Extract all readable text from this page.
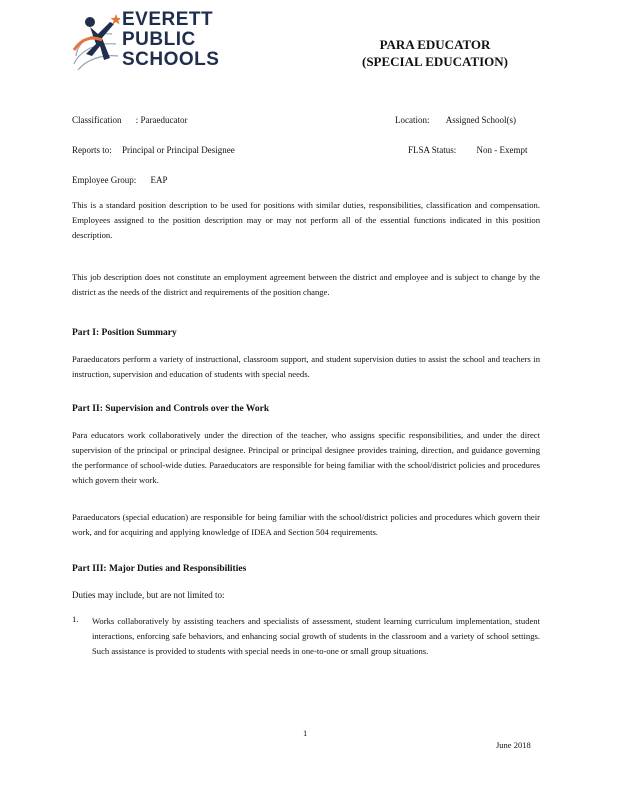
EVERETT
PUBLIC
SCHOOLS
PARA EDUCATOR
(SPECIAL EDUCATION)
Classification : Paraeducator	Location: Assigned School(s)
Reports to: Principal or Principal Designee	FLSA Status: Non - Exempt
Employee Group: EAP
This is a standard position description to be used for positions with similar duties, responsibilities, classification and compensation. Employees assigned to the position description may or may not perform all of the essential functions indicated in this position description.
This job description does not constitute an employment agreement between the district and employee and is subject to change by the district as the needs of the district and requirements of the position change.
Part I: Position Summary
Paraeducators perform a variety of instructional, classroom support, and student supervision duties to assist the school and teachers in instruction, supervision and education of students with special needs.
Part II: Supervision and Controls over the Work
Para educators work collaboratively under the direction of the teacher, who assigns specific responsibilities, and under the direct supervision of the principal or principal designee. Principal or principal designee provides training, direction, and guidance governing the performance of school-wide duties. Paraeducators are responsible for being familiar with the school/district policies and procedures which govern their work.
Paraeducators (special education) are responsible for being familiar with the school/district policies and procedures which govern their work, and for acquiring and applying knowledge of IDEA and Section 504 requirements.
Part III: Major Duties and Responsibilities
Duties may include, but are not limited to:
1. Works collaboratively by assisting teachers and specialists of assessment, student learning curriculum implementation, student interactions, enforcing safe behaviors, and enhancing social growth of students in the classroom and a variety of school settings. Such assistance is provided to students with special needs in one-to-one or small group situations.
1
June 2018
